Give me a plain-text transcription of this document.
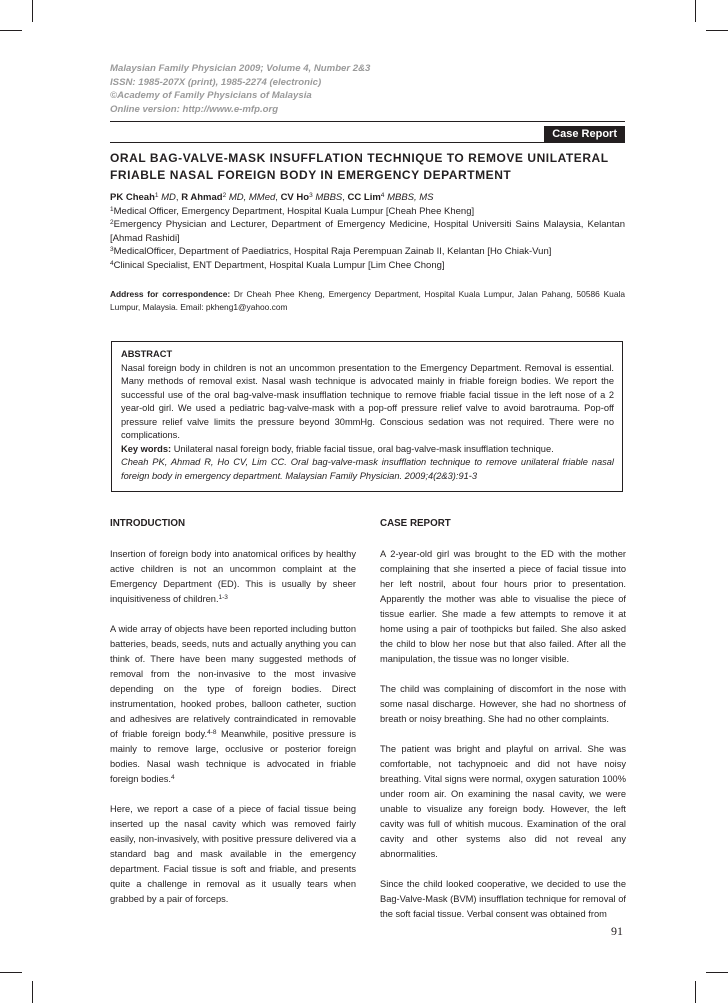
Malaysian Family Physician 2009; Volume 4, Number 2&3
ISSN: 1985-207X (print), 1985-2274 (electronic)
©Academy of Family Physicians of Malaysia
Online version: http://www.e-mfp.org
Case Report
ORAL BAG-VALVE-MASK INSUFFLATION TECHNIQUE TO REMOVE UNILATERAL FRIABLE NASAL FOREIGN BODY IN EMERGENCY DEPARTMENT
PK Cheah$^1$ MD, R Ahmad$^2$ MD, MMed, CV Ho$^3$ MBBS, CC Lim$^4$ MBBS, MS
$^1$Medical Officer, Emergency Department, Hospital Kuala Lumpur [Cheah Phee Kheng]
$^2$Emergency Physician and Lecturer, Department of Emergency Medicine, Hospital Universiti Sains Malaysia, Kelantan [Ahmad Rashidi]
$^3$MedicalOfficer, Department of Paediatrics, Hospital Raja Perempuan Zainab II, Kelantan [Ho Chiak-Vun]
$^4$Clinical Specialist, ENT Department, Hospital Kuala Lumpur [Lim Chee Chong]
Address for correspondence: Dr Cheah Phee Kheng, Emergency Department, Hospital Kuala Lumpur, Jalan Pahang, 50586 Kuala Lumpur, Malaysia. Email: pkheng1@yahoo.com
ABSTRACT
Nasal foreign body in children is not an uncommon presentation to the Emergency Department. Removal is essential. Many methods of removal exist. Nasal wash technique is advocated mainly in friable foreign bodies. We report the successful use of the oral bag-valve-mask insufflation technique to remove friable facial tissue in the left nose of a 2 year-old girl. We used a pediatric bag-valve-mask with a pop-off pressure relief valve to avoid barotrauma. Pop-off pressure relief valve limits the pressure beyond 30mmHg. Conscious sedation was not required. There were no complications.
Key words: Unilateral nasal foreign body, friable facial tissue, oral bag-valve-mask insufflation technique.
Cheah PK, Ahmad R, Ho CV, Lim CC. Oral bag-valve-mask insufflation technique to remove unilateral friable nasal foreign body in emergency department. Malaysian Family Physician. 2009;4(2&3):91-3
INTRODUCTION

Insertion of foreign body into anatomical orifices by healthy active children is not an uncommon complaint at the Emergency Department (ED). This is usually by sheer inquisitiveness of children.$^{1-3}$

A wide array of objects have been reported including button batteries, beads, seeds, nuts and actually anything you can think of. There have been many suggested methods of removal from the non-invasive to the most invasive depending on the type of foreign bodies. Direct instrumentation, hooked probes, balloon catheter, suction and adhesives are relatively contraindicated in removable of friable foreign body.$^{4-8}$ Meanwhile, positive pressure is mainly to remove large, occlusive or posterior foreign bodies. Nasal wash technique is advocated in friable foreign bodies.$^4$

Here, we report a case of a piece of facial tissue being inserted up the nasal cavity which was removed fairly easily, non-invasively, with positive pressure delivered via a standard bag and mask available in the emergency department. Facial tissue is soft and friable, and presents quite a challenge in removal as it usually tears when grabbed by a pair of forceps.

CASE REPORT

A 2-year-old girl was brought to the ED with the mother complaining that she inserted a piece of facial tissue into her left nostril, about four hours prior to presentation. Apparently the mother was able to visualise the piece of tissue earlier. She made a few attempts to remove it at home using a pair of toothpicks but failed. She also asked the child to blow her nose but that also failed. After all the manipulation, the tissue was no longer visible.

The child was complaining of discomfort in the nose with some nasal discharge. However, she had no shortness of breath or noisy breathing. She had no other complaints.

The patient was bright and playful on arrival. She was comfortable, not tachypnoeic and did not have noisy breathing. Vital signs were normal, oxygen saturation 100% under room air. On examining the nasal cavity, we were unable to visualize any foreign body. However, the left cavity was full of whitish mucous. Examination of the oral cavity and other systems also did not reveal any abnormalities.

Since the child looked cooperative, we decided to use the Bag-Valve-Mask (BVM) insufflation technique for removal of the soft facial tissue. Verbal consent was obtained from

91
